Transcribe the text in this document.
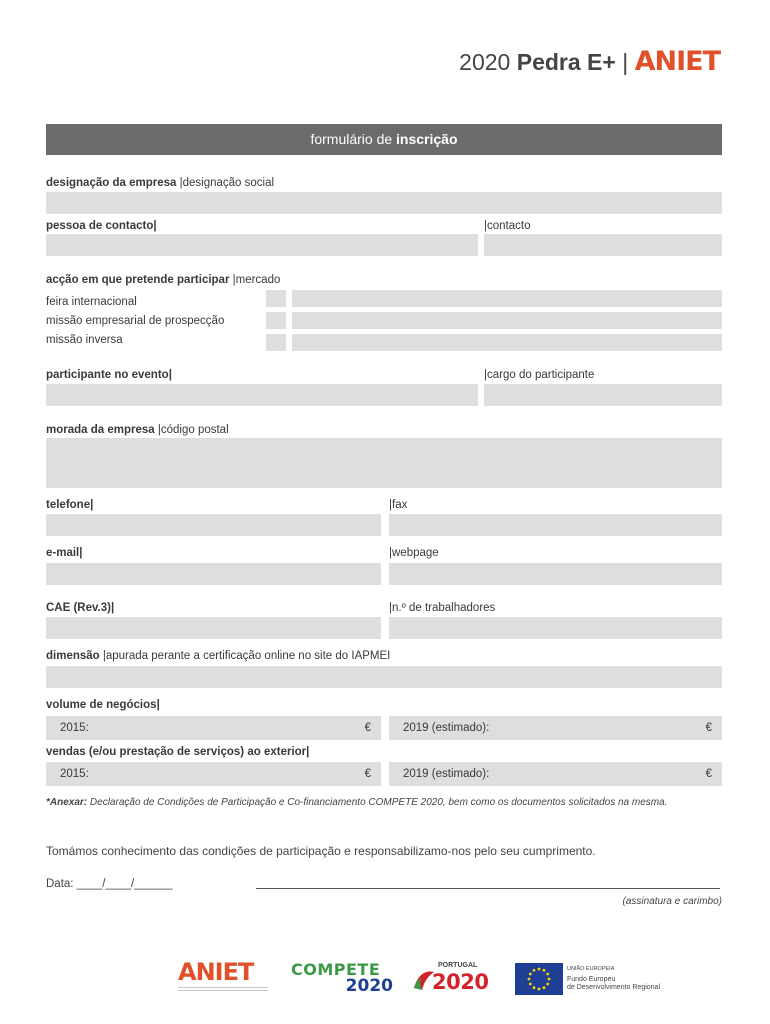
2020 Pedra E+ | ANIET
formulário de inscrição
designação da empresa |designação social
pessoa de contacto|	|contacto
acção em que pretende participar |mercado
feira internacional
missão empresarial de prospecção
missão inversa
participante no evento|	|cargo do participante
morada da empresa |código postal
telefone|	|fax
e-mail|	|webpage
CAE (Rev.3)|	|n.º de trabalhadores
dimensão |apurada perante a certificação online no site do IAPMEI
volume de negócios|
2015:	€	2019 (estimado):	€
vendas (e/ou prestação de serviços) ao exterior|
2015:	€	2019 (estimado):	€
*Anexar: Declaração de Condições de Participação e Co-financiamento COMPETE 2020, bem como os documentos solicitados na mesma.
Tomámos conhecimento das condições de participação e responsabilizamo-nos pelo seu cumprimento.
Data: ____/____/______
(assinatura e carimbo)
ANIET	COMPETE
2020
PORTUGAL
2020
UNIÃO EUROPEIA
Fundo Europeu
de Desenvolvimento Regional
